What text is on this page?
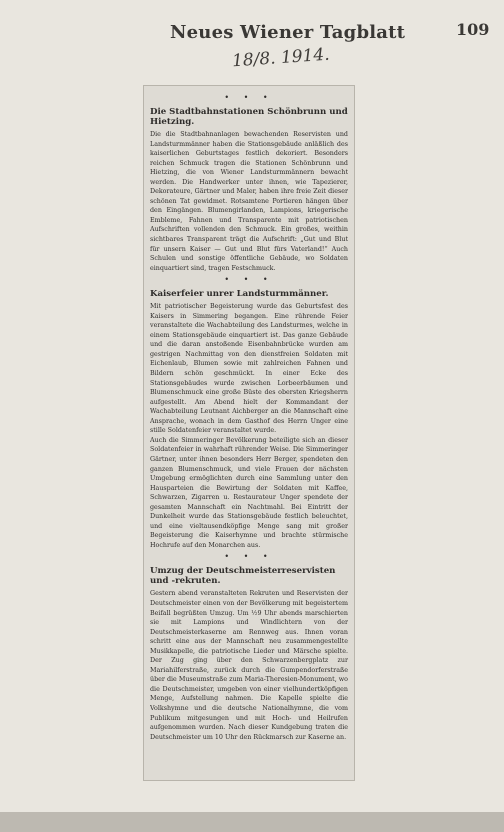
Neues Wiener Tagblatt	109
18/8. 1914.
• • •
Die Stadtbahnstationen Schönbrunn und Hietzing.

Die die Stadtbahnanlagen bewachenden Reservisten und Landsturmmänner haben die Stationsgebäude anläßlich des kaiserlichen Geburtstages festlich dekoriert. Besonders reichen Schmuck tragen die Stationen Schönbrunn und Hietzing, die von Wiener Landsturmmännern bewacht werden. Die Handwerker unter ihnen, wie Tapezierer, Dekorateure, Gärtner und Maler, haben ihre freie Zeit dieser schönen Tat gewidmet. Rotsamtene Portieren hängen über den Eingängen. Blumengirlanden, Lampions, kriegerische Embleme, Fahnen und Transparente mit patriotischen Aufschriften vollenden den Schmuck. Ein großes, weithin sichtbares Transparent trägt die Aufschrift: „Gut und Blut für unsern Kaiser — Gut und Blut fürs Vaterland!“ Auch Schulen und sonstige öffentliche Gebäude, wo Soldaten einquartiert sind, tragen Festschmuck.

• • •
Kaiserfeier unrer Landsturmmänner.

Mit patriotischer Begeisterung wurde das Geburtsfest des Kaisers in Simmering begangen. Eine rührende Feier veranstaltete die Wachabteilung des Landsturmes, welche in einem Stationsgebäude einquartiert ist. Das ganze Gebäude und die daran anstoßende Eisenbahnbrücke wurden am gestrigen Nachmittag von den dienstfreien Soldaten mit Eichenlaub, Blumen sowie mit zahlreichen Fahnen und Bildern schön geschmückt. In einer Ecke des Stationsgebäudes wurde zwischen Lorbeerbäumen und Blumenschmuck eine große Büste des obersten Kriegsherrn aufgestellt. Am Abend hielt der Kommandant der Wachabteilung Leutnant Aichberger an die Mannschaft eine Ansprache, wonach in dem Gasthof des Herrn Unger eine stille Soldatenfeier veranstaltet wurde.

Auch die Simmeringer Bevölkerung beteiligte sich an dieser Soldatenfeier in wahrhaft rührender Weise. Die Simmeringer Gärtner, unter ihnen besonders Herr Berger, spendeten den ganzen Blumenschmuck, und viele Frauen der nächsten Umgebung ermöglichten durch eine Sammlung unter den Hausparteien die Bewirtung der Soldaten mit Kaffee, Schwarzen, Zigarren u. Restaurateur Unger spendete der gesamten Mannschaft ein Nachtmahl. Bei Eintritt der Dunkelheit wurde das Stationsgebäude festlich beleuchtet, und eine vieltausendköpfige Menge sang mit großer Begeisterung die Kaiserhymne und brachte stürmische Hochrufe auf den Monarchen aus.

• • •
Umzug der Deutschmeisterreservisten und -rekruten.

Gestern abend veranstalteten Rekruten und Reservisten der Deutschmeister einen von der Bevölkerung mit begeistertem Beifall begrüßten Umzug. Um ½9 Uhr abends marschierten sie mit Lampions und Windlichtern von der Deutschmeisterkaserne am Rennweg aus. Ihnen voran schritt eine aus der Mannschaft neu zusammengestellte Musikkapelle, die patriotische Lieder und Märsche spielte. Der Zug ging über den Schwarzenbergplatz zur Mariahilferstraße, zurück durch die Gumpendorferstraße über die Museumstraße zum Maria-Theresien-Monument, wo die Deutschmeister, umgeben von einer vielhundertköpfigen Menge, Aufstellung nahmen. Die Kapelle spielte die Volkshymne und die deutsche Nationalhymne, die vom Publikum mitgesungen und mit Hoch- und Heilrufen aufgenommen wurden. Nach dieser Kundgebung traten die Deutschmeister um 10 Uhr den Rückmarsch zur Kaserne an.
